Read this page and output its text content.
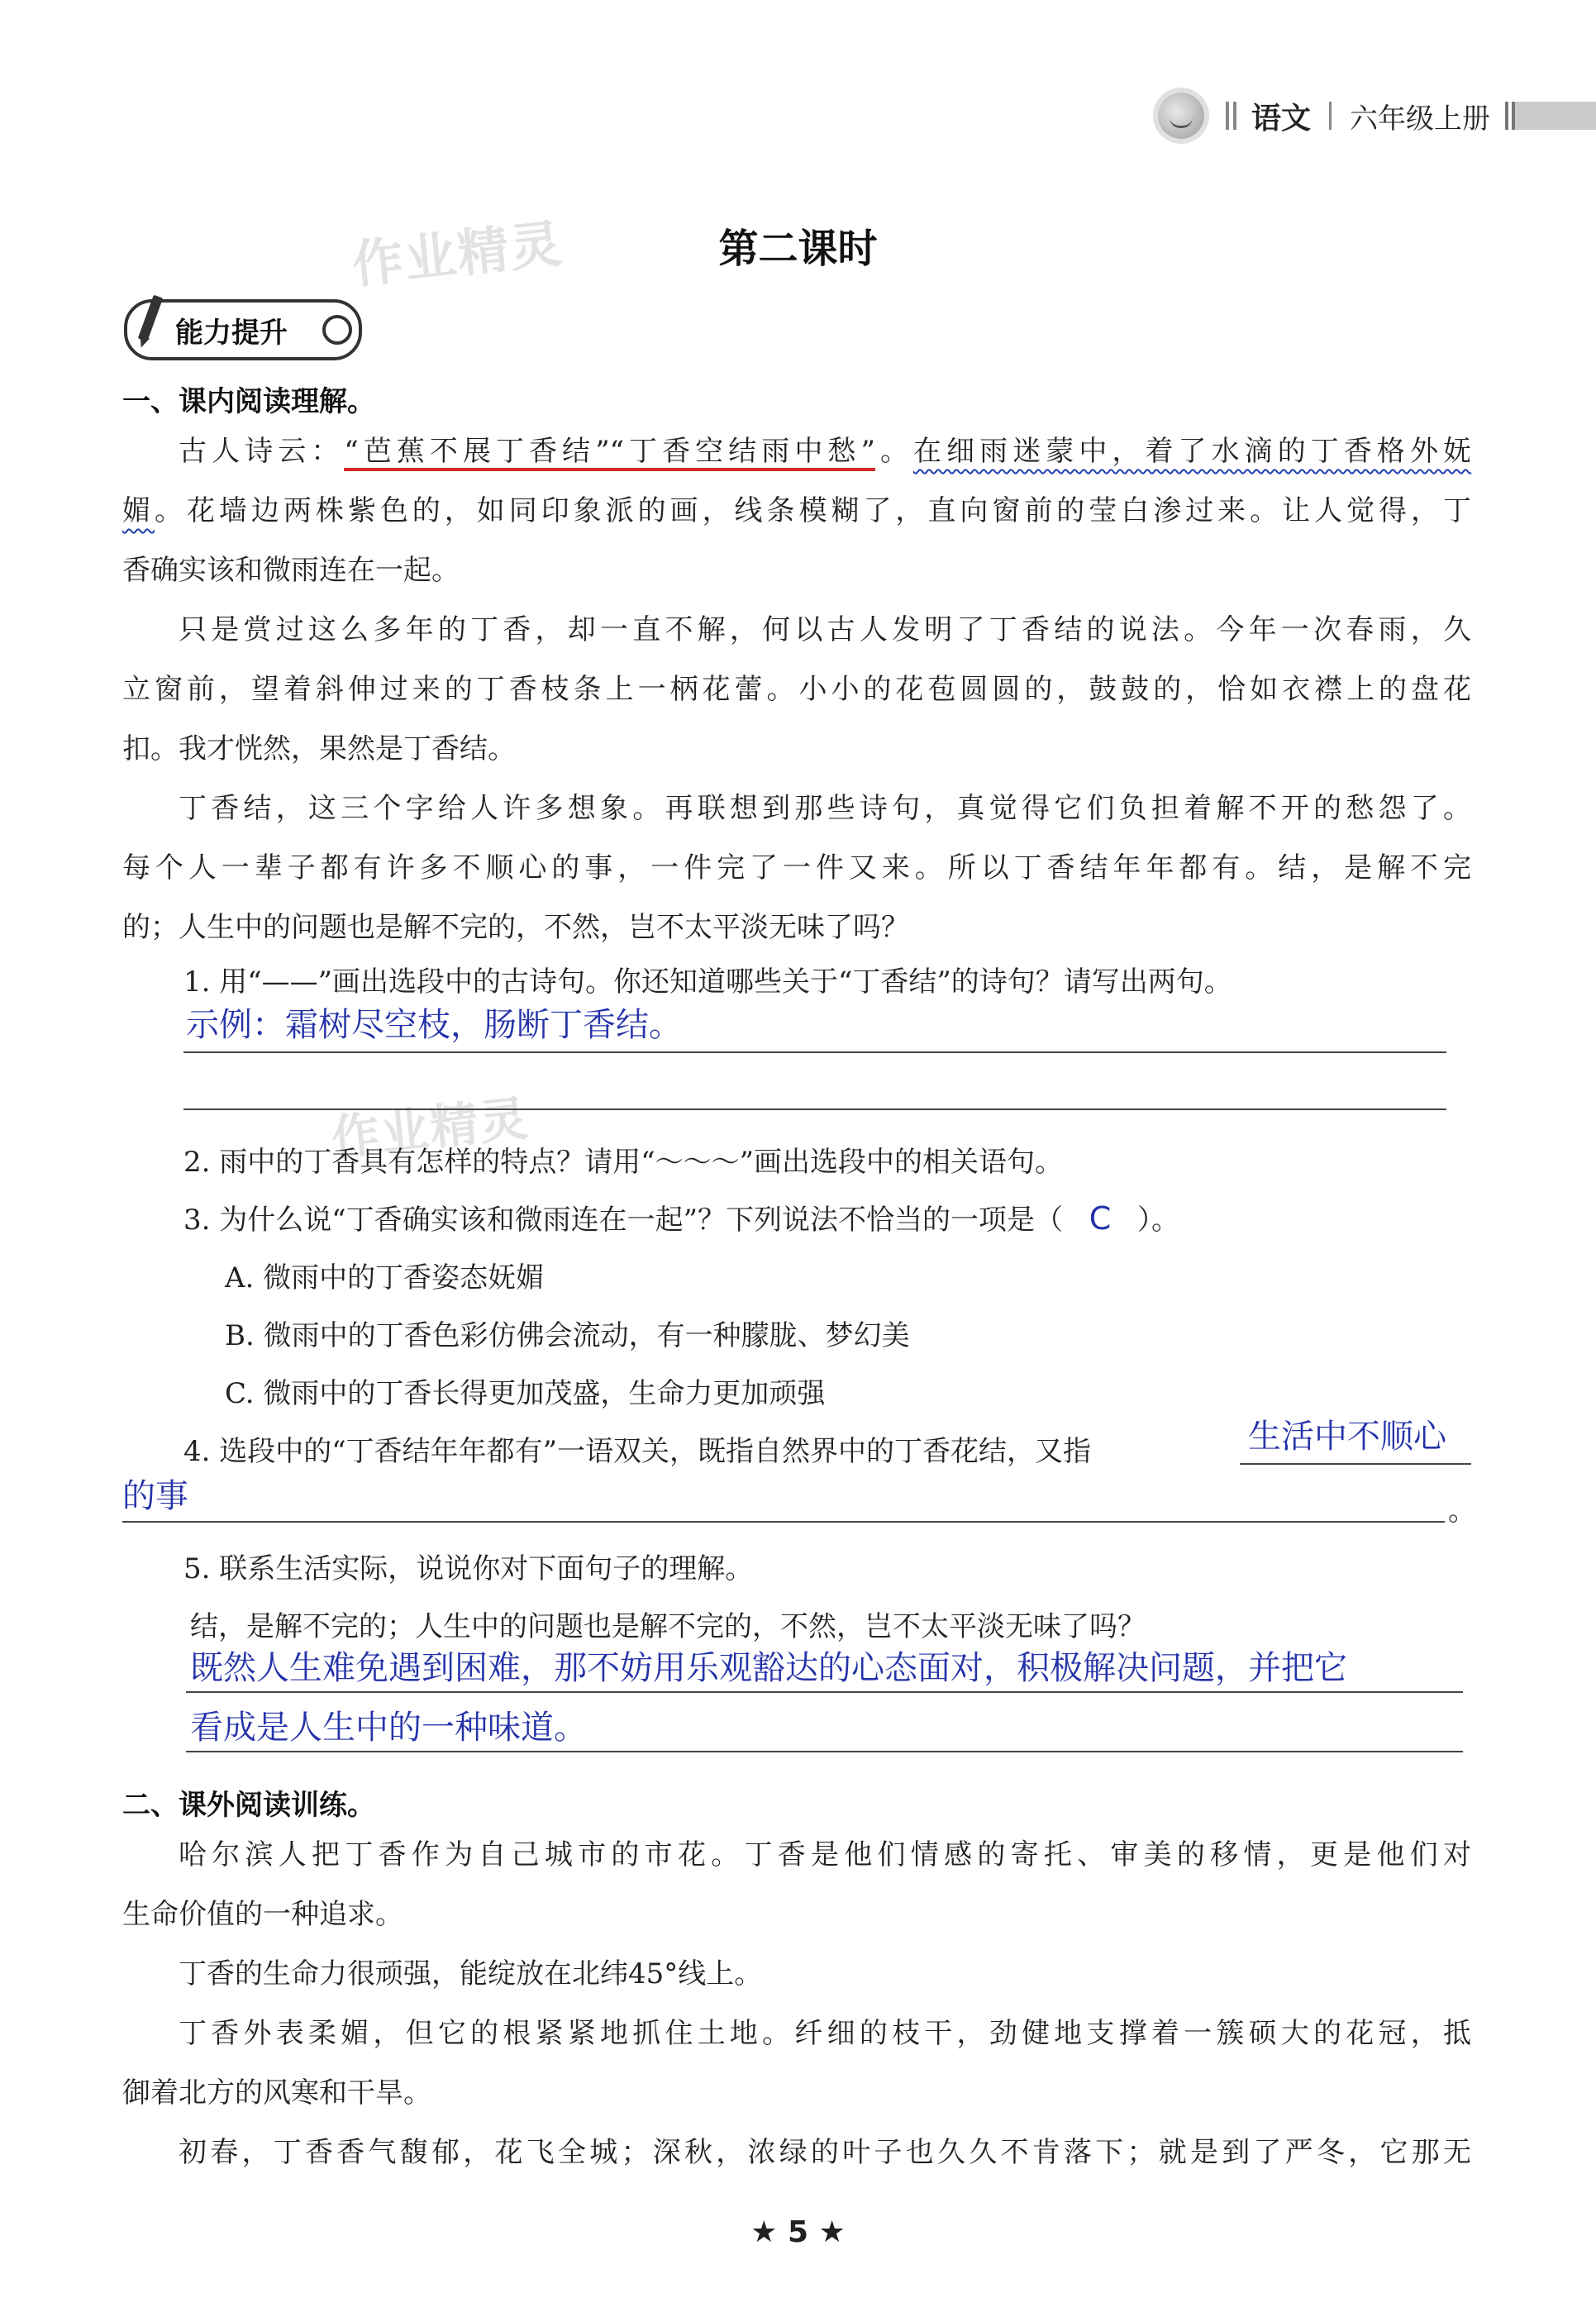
语文 六年级上册
作业精灵
作业精灵
第二课时
能力提升
一、课内阅读理解。
古人诗云：“芭蕉不展丁香结”“丁香空结雨中愁”。在细雨迷蒙中，着了水滴的丁香格外妩
媚。花墙边两株紫色的，如同印象派的画，线条模糊了，直向窗前的莹白渗过来。让人觉得，丁
香确实该和微雨连在一起。
只是赏过这么多年的丁香，却一直不解，何以古人发明了丁香结的说法。今年一次春雨，久
立窗前，望着斜伸过来的丁香枝条上一柄花蕾。小小的花苞圆圆的，鼓鼓的，恰如衣襟上的盘花
扣。我才恍然，果然是丁香结。
丁香结，这三个字给人许多想象。再联想到那些诗句，真觉得它们负担着解不开的愁怨了。
每个人一辈子都有许多不顺心的事，一件完了一件又来。所以丁香结年年都有。结，是解不完
的；人生中的问题也是解不完的，不然，岂不太平淡无味了吗？
1. 用“——”画出选段中的古诗句。你还知道哪些关于“丁香结”的诗句？请写出两句。
示例：霜树尽空枝，肠断丁香结。
2. 雨中的丁香具有怎样的特点？请用“～～～”画出选段中的相关语句。
3. 为什么说“丁香确实该和微雨连在一起”？下列说法不恰当的一项是（ C ）。
A. 微雨中的丁香姿态妩媚
B. 微雨中的丁香色彩仿佛会流动，有一种朦胧、梦幻美
C. 微雨中的丁香长得更加茂盛，生命力更加顽强
4. 选段中的“丁香结年年都有”一语双关，既指自然界中的丁香花结，又指	生活中不顺心
的事	。
5. 联系生活实际，说说你对下面句子的理解。
结，是解不完的；人生中的问题也是解不完的，不然，岂不太平淡无味了吗？
既然人生难免遇到困难，那不妨用乐观豁达的心态面对，积极解决问题，并把它
看成是人生中的一种味道。
二、课外阅读训练。
哈尔滨人把丁香作为自己城市的市花。丁香是他们情感的寄托、审美的移情，更是他们对
生命价值的一种追求。
丁香的生命力很顽强，能绽放在北纬45°线上。
丁香外表柔媚，但它的根紧紧地抓住土地。纤细的枝干，劲健地支撑着一簇硕大的花冠，抵
御着北方的风寒和干旱。
初春，丁香香气馥郁，花飞全城；深秋，浓绿的叶子也久久不肯落下；就是到了严冬，它那无
★ 5 ★
